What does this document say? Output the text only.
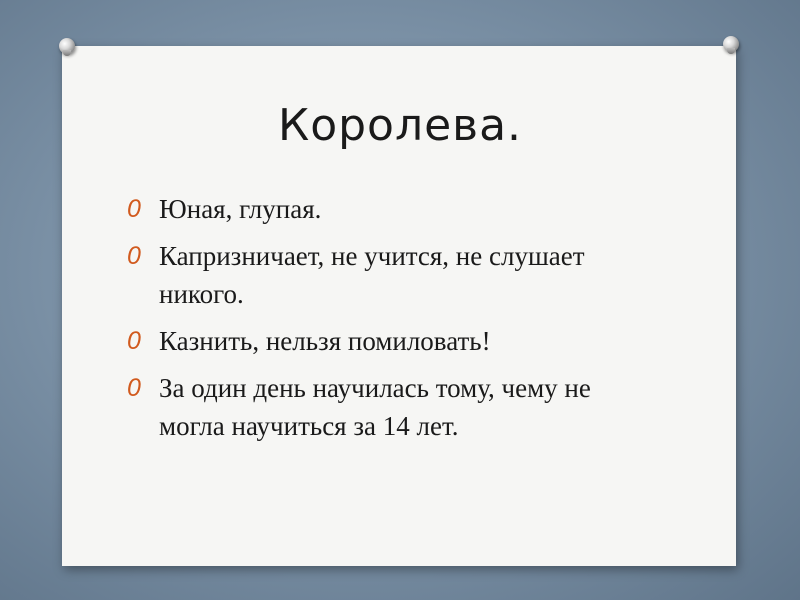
Королева.
0 Юная, глупая.
0 Капризничает, не учится, не слушает никого.
0 Казнить, нельзя помиловать!
0 За один день научилась тому, чему не могла научиться за 14 лет.
